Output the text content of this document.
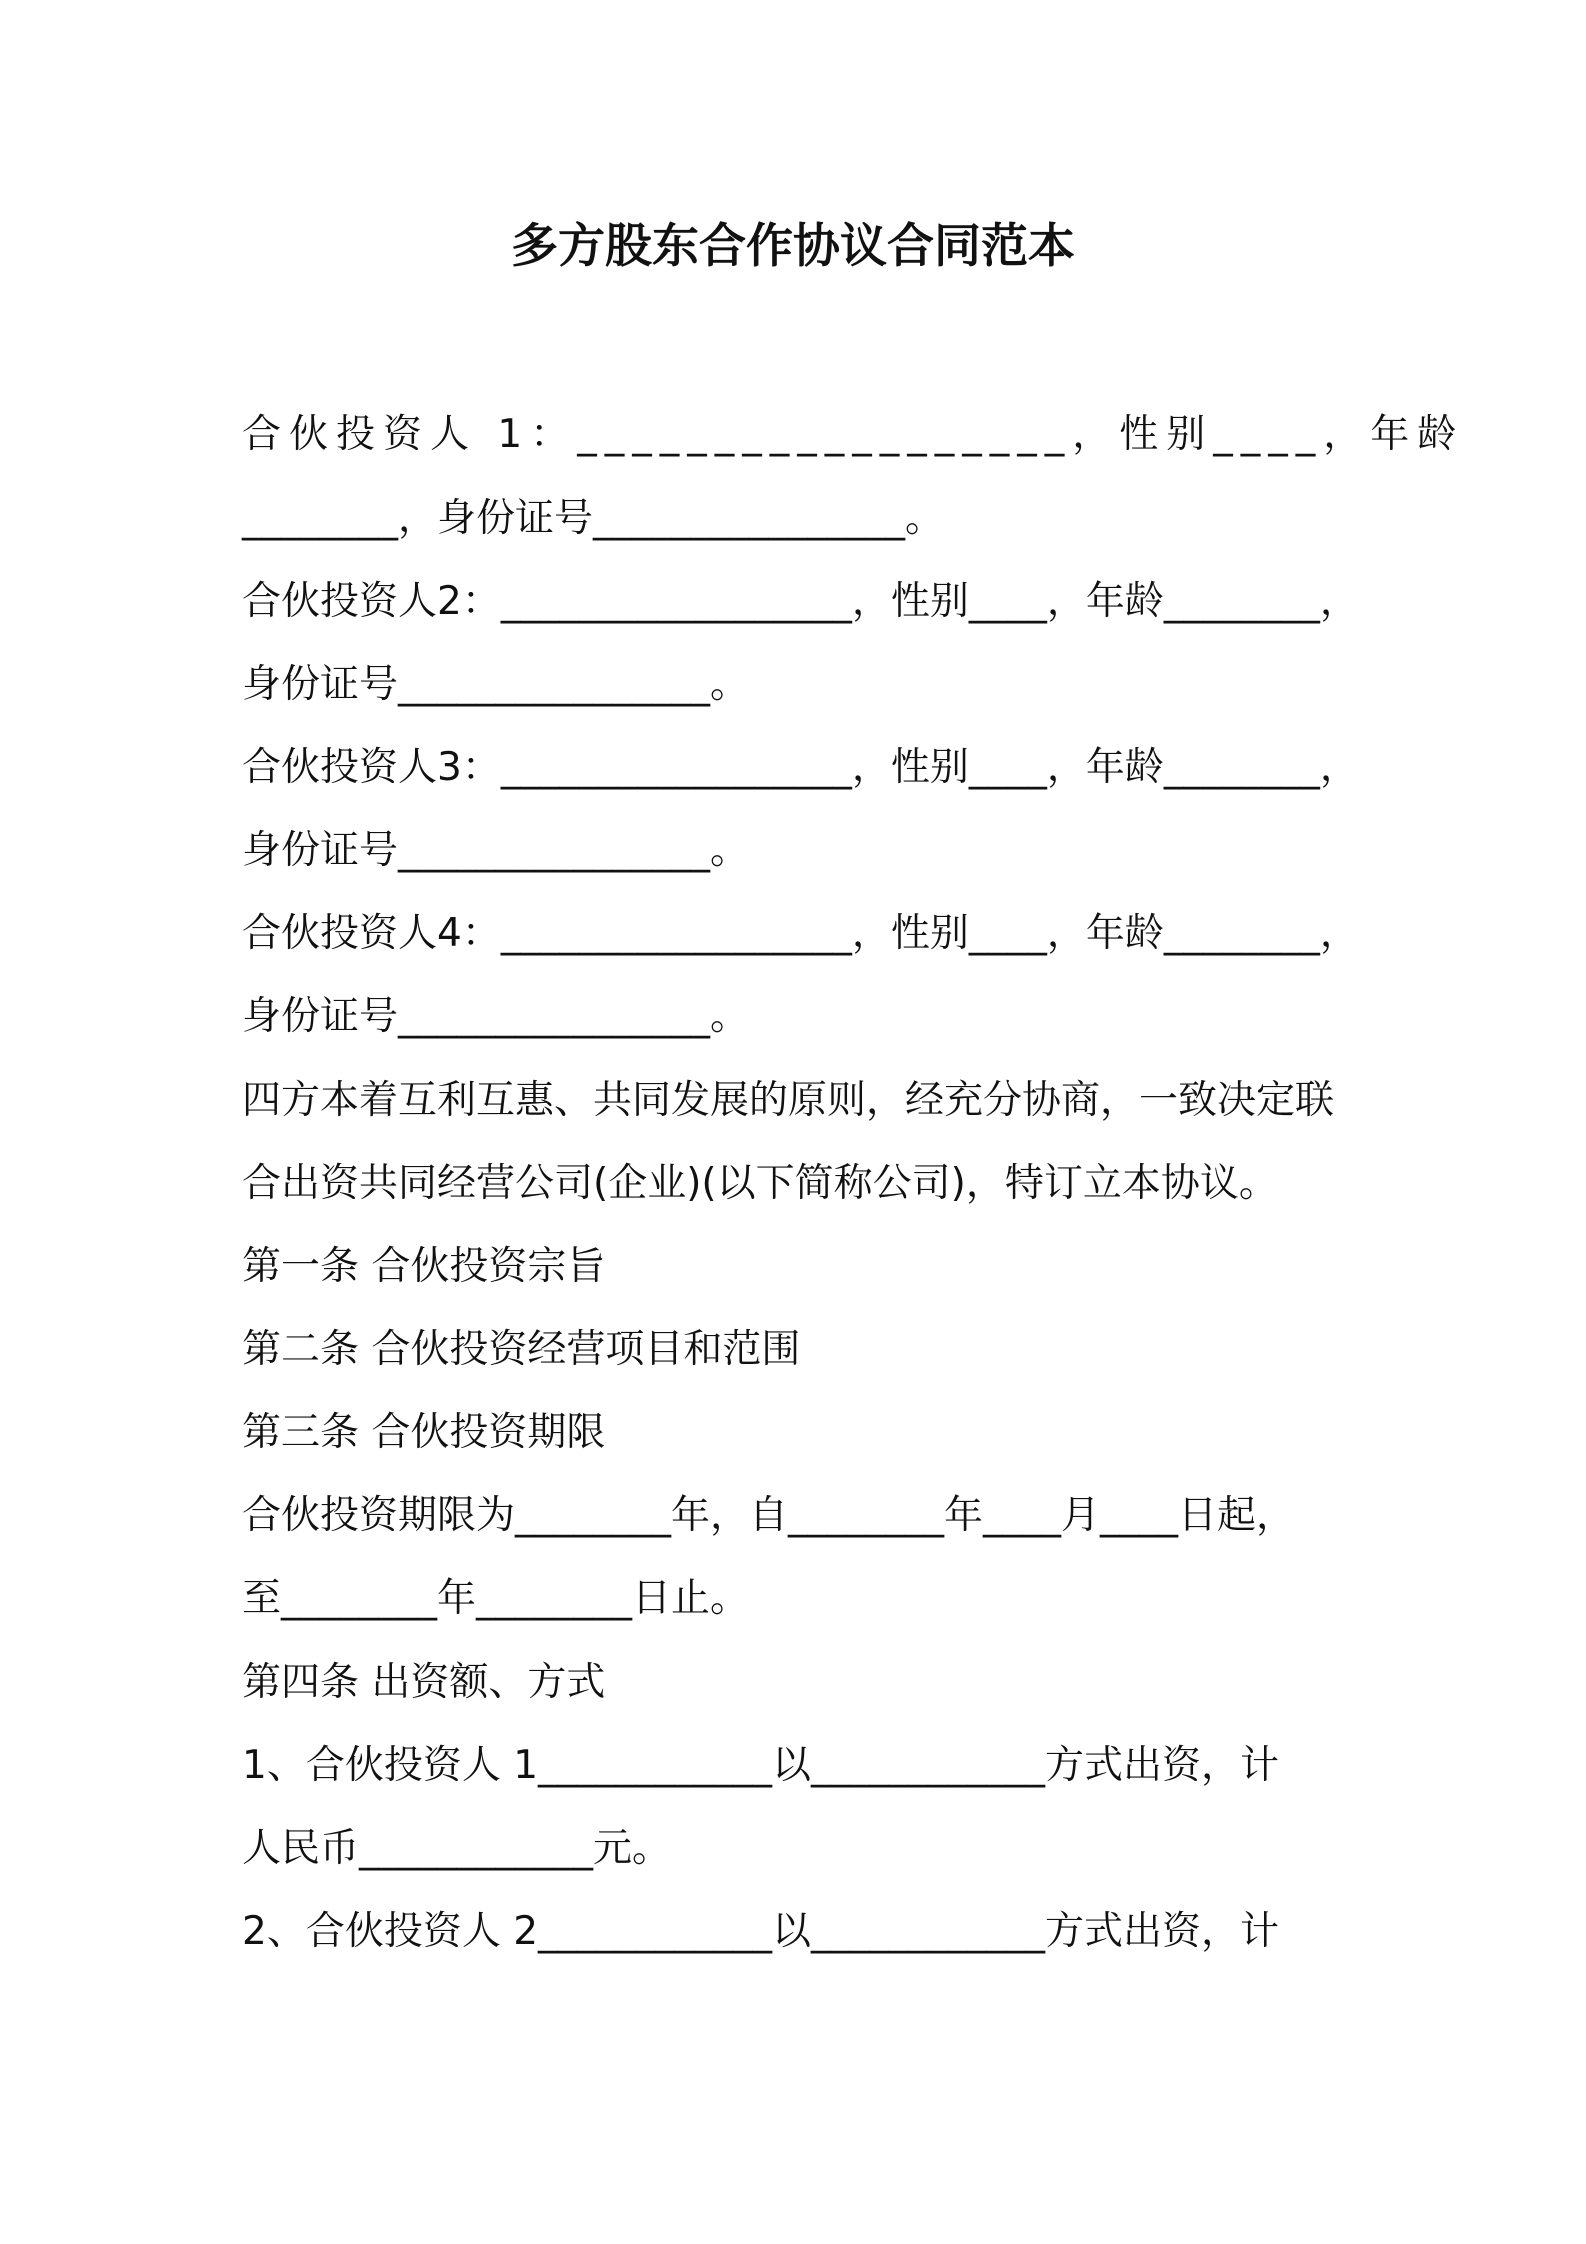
多方股东合作协议合同范本
合伙投资人 1：__________________，性别____，年龄
________，身份证号________________。
合伙投资人2：__________________，性别____，年龄________，
身份证号________________。
合伙投资人3：__________________，性别____，年龄________，
身份证号________________。
合伙投资人4：__________________，性别____，年龄________，
身份证号________________。
四方本着互利互惠、共同发展的原则，经充分协商，一致决定联
合出资共同经营公司(企业)(以下简称公司)，特订立本协议。
第一条 合伙投资宗旨
第二条 合伙投资经营项目和范围
第三条 合伙投资期限
合伙投资期限为________年，自________年____月____日起，
至________年________日止。
第四条 出资额、方式
1、合伙投资人 1____________以____________方式出资，计
人民币____________元。
2、合伙投资人 2____________以____________方式出资，计
